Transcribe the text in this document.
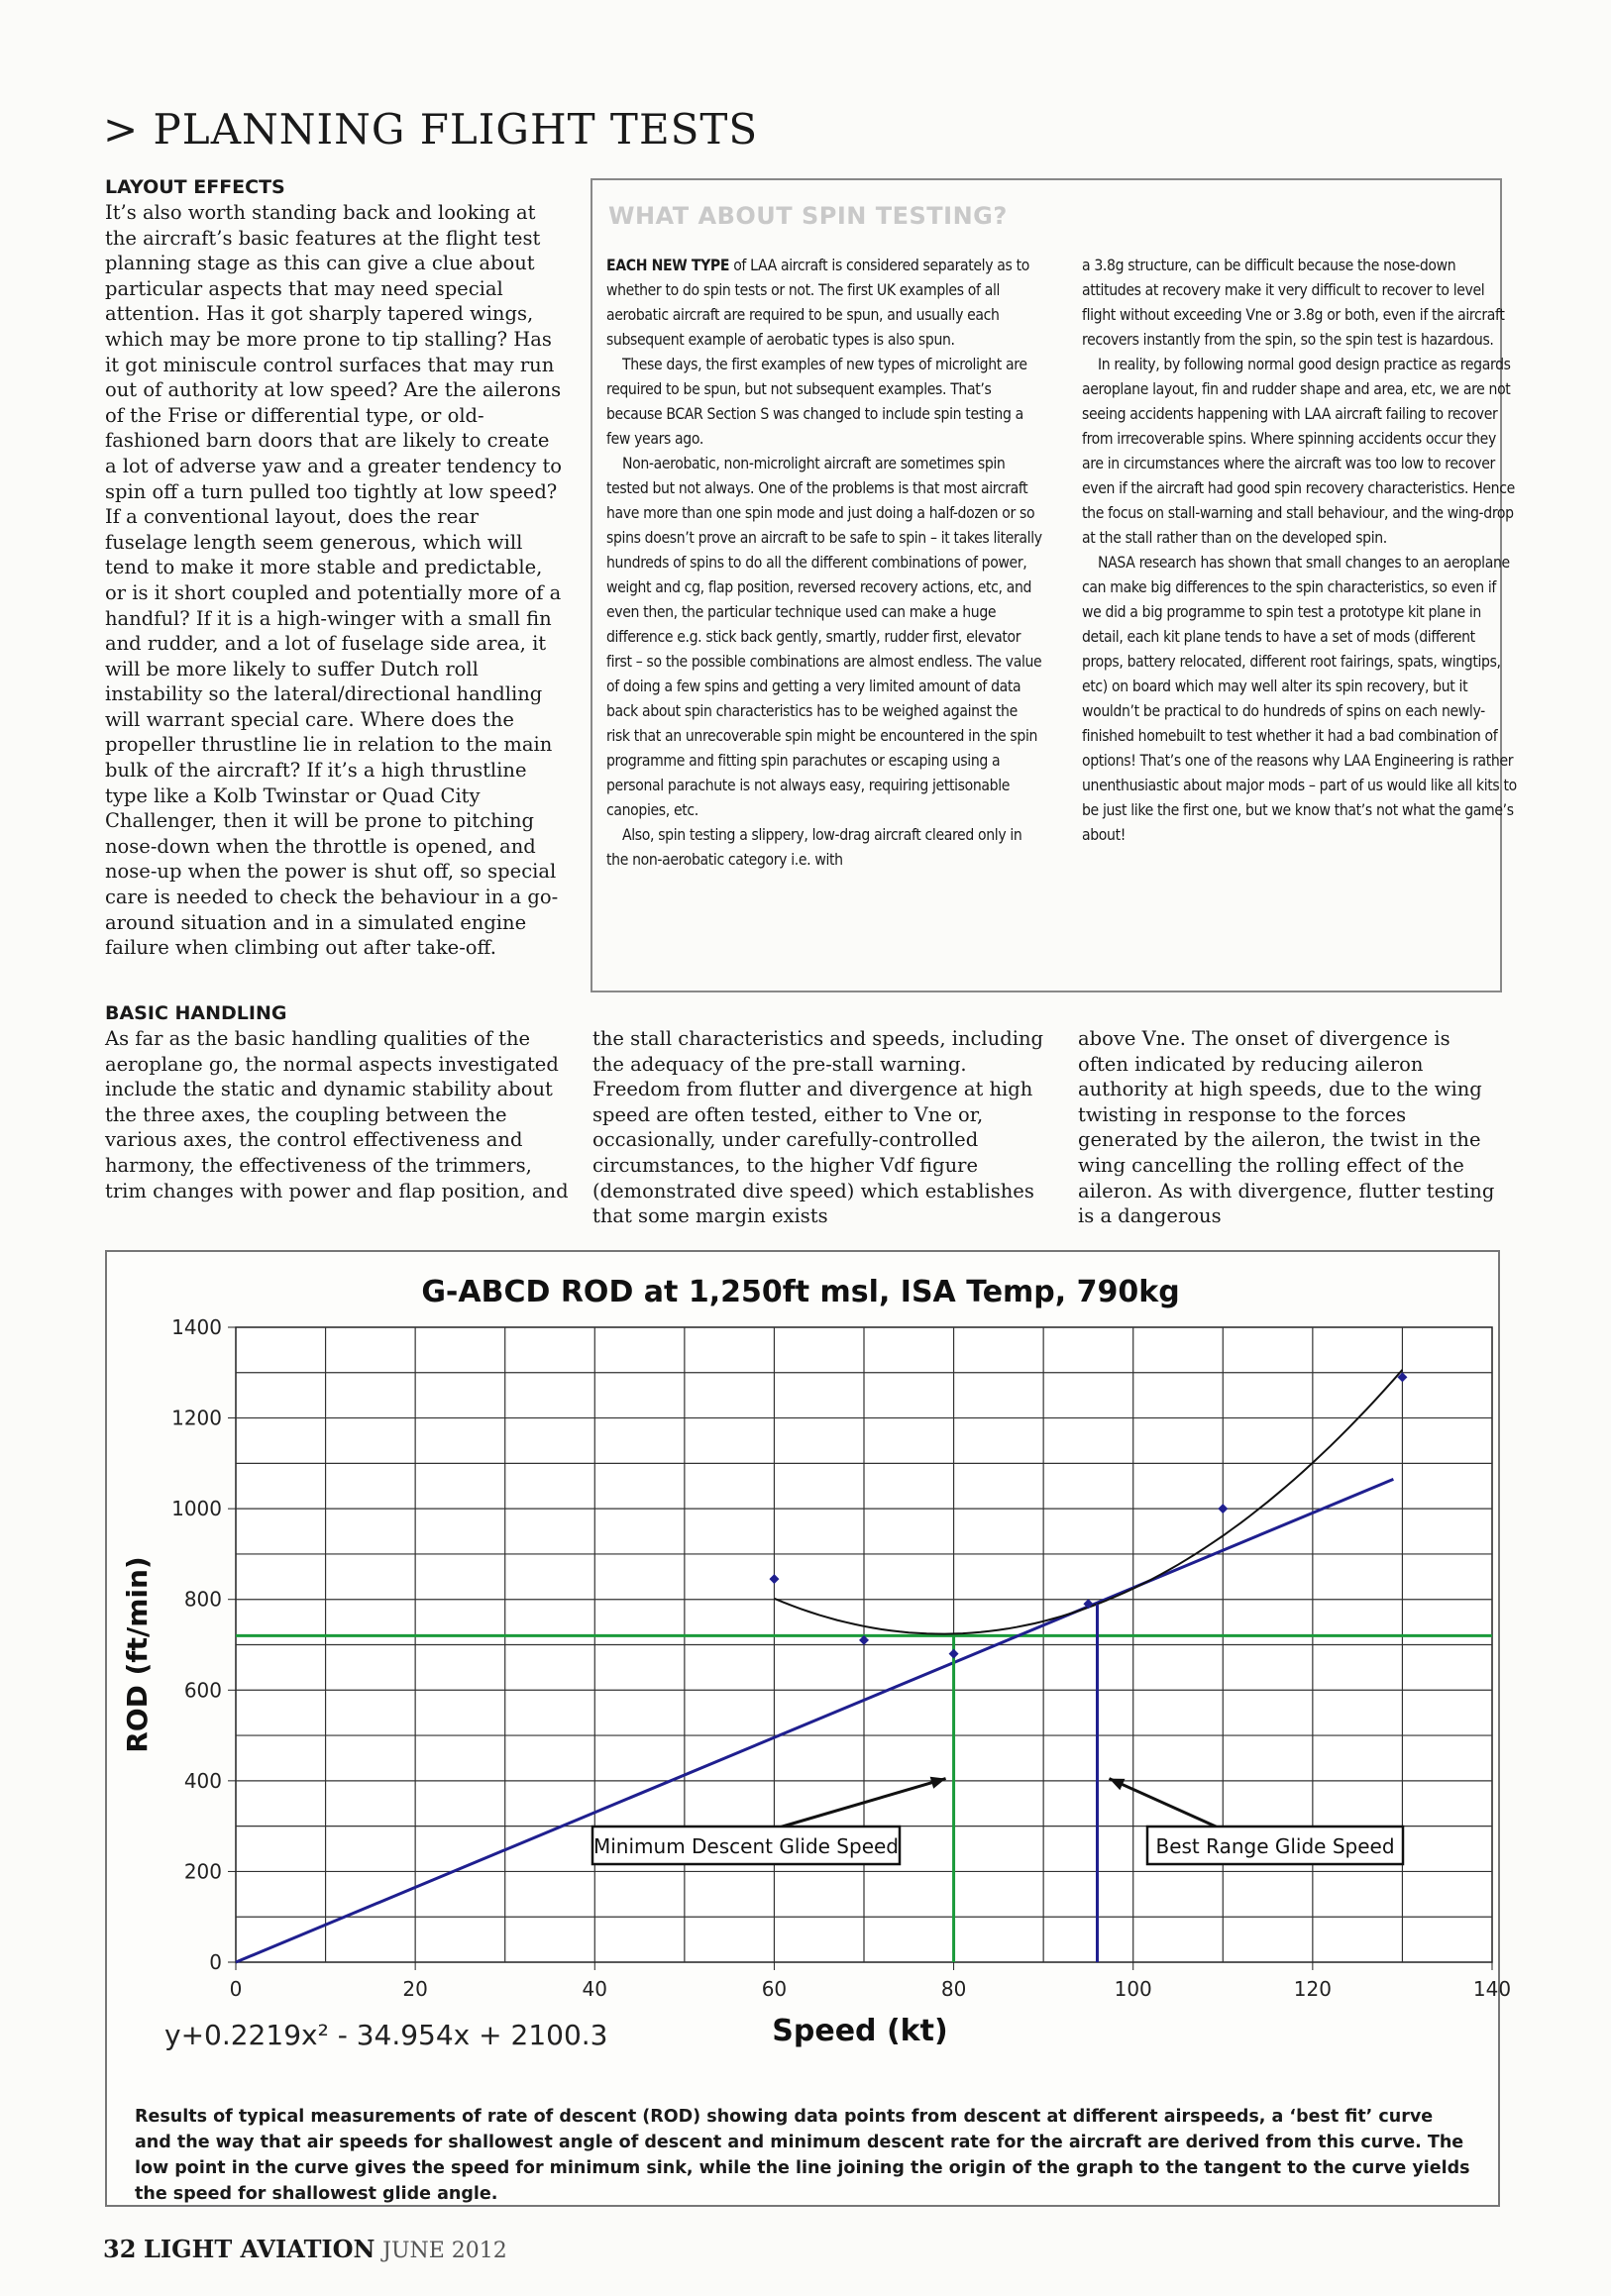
> PLANNING FLIGHT TESTS
LAYOUT EFFECTS
It’s also worth standing back and looking at the aircraft’s basic features at the flight test planning stage as this can give a clue about particular aspects that may need special attention. Has it got sharply tapered wings, which may be more prone to tip stalling? Has it got miniscule control surfaces that may run out of authority at low speed? Are the ailerons of the Frise or differential type, or old-fashioned barn doors that are likely to create a lot of adverse yaw and a greater tendency to spin off a turn pulled too tightly at low speed? If a conventional layout, does the rear fuselage length seem generous, which will tend to make it more stable and predictable, or is it short coupled and potentially more of a handful? If it is a high-winger with a small fin and rudder, and a lot of fuselage side area, it will be more likely to suffer Dutch roll instability so the lateral/directional handling will warrant special care. Where does the propeller thrustline lie in relation to the main bulk of the aircraft? If it’s a high thrustline type like a Kolb Twinstar or Quad City Challenger, then it will be prone to pitching nose-down when the throttle is opened, and nose-up when the power is shut off, so special care is needed to check the behaviour in a go-around situation and in a simulated engine failure when climbing out after take-off.
WHAT ABOUT SPIN TESTING?

EACH NEW TYPE of LAA aircraft is considered separately as to whether to do spin tests or not. The first UK examples of all aerobatic aircraft are required to be spun, and usually each subsequent example of aerobatic types is also spun.

These days, the first examples of new types of microlight are required to be spun, but not subsequent examples. That’s because BCAR Section S was changed to include spin testing a few years ago.

Non-aerobatic, non-microlight aircraft are sometimes spin tested but not always. One of the problems is that most aircraft have more than one spin mode and just doing a half-dozen or so spins doesn’t prove an aircraft to be safe to spin – it takes literally hundreds of spins to do all the different combinations of power, weight and cg, flap position, reversed recovery actions, etc, and even then, the particular technique used can make a huge difference e.g. stick back gently, smartly, rudder first, elevator first – so the possible combinations are almost endless. The value of doing a few spins and getting a very limited amount of data back about spin characteristics has to be weighed against the risk that an unrecoverable spin might be encountered in the spin programme and fitting spin parachutes or escaping using a personal parachute is not always easy, requiring jettisonable canopies, etc.

Also, spin testing a slippery, low-drag aircraft cleared only in the non-aerobatic category i.e. with

a 3.8g structure, can be difficult because the nose-down attitudes at recovery make it very difficult to recover to level flight without exceeding Vne or 3.8g or both, even if the aircraft recovers instantly from the spin, so the spin test is hazardous.

In reality, by following normal good design practice as regards aeroplane layout, fin and rudder shape and area, etc, we are not seeing accidents happening with LAA aircraft failing to recover from irrecoverable spins. Where spinning accidents occur they are in circumstances where the aircraft was too low to recover even if the aircraft had good spin recovery characteristics. Hence the focus on stall-warning and stall behaviour, and the wing-drop at the stall rather than on the developed spin.

NASA research has shown that small changes to an aeroplane can make big differences to the spin characteristics, so even if we did a big programme to spin test a prototype kit plane in detail, each kit plane tends to have a set of mods (different props, battery relocated, different root fairings, spats, wingtips, etc) on board which may well alter its spin recovery, but it wouldn’t be practical to do hundreds of spins on each newly-finished homebuilt to test whether it had a bad combination of options! That’s one of the reasons why LAA Engineering is rather unenthusiastic about major mods – part of us would like all kits to be just like the first one, but we know that’s not what the game’s about!

BASIC HANDLING
As far as the basic handling qualities of the aeroplane go, the normal aspects investigated include the static and dynamic stability about the three axes, the coupling between the various axes, the control effectiveness and harmony, the effectiveness of the trimmers, trim changes with power and flap position, and
the stall characteristics and speeds, including the adequacy of the pre-stall warning. Freedom from flutter and divergence at high speed are often tested, either to Vne or, occasionally, under carefully-controlled circumstances, to the higher Vdf figure (demonstrated dive speed) which establishes that some margin exists
above Vne. The onset of divergence is often indicated by reducing aileron authority at high speeds, due to the wing twisting in response to the forces generated by the aileron, the twist in the wing cancelling the rolling effect of the aileron. As with divergence, flutter testing is a dangerous
G-ABCD ROD at 1,250ft msl, ISA Temp, 790kg
0
200
400
600
800
1000
1200
1400
0	20	40	60	80	100	120	140
ROD (ft/min)
Speed (kt)
y+0.2219x² - 34.954x + 2100.3
Minimum Descent Glide Speed	Best Range Glide Speed
Results of typical measurements of rate of descent (ROD) showing data points from descent at different airspeeds, a ‘best fit’ curve and the way that air speeds for shallowest angle of descent and minimum descent rate for the aircraft are derived from this curve. The low point in the curve gives the speed for minimum sink, while the line joining the origin of the graph to the tangent to the curve yields the speed for shallowest glide angle.
32 LIGHT AVIATION JUNE 2012
